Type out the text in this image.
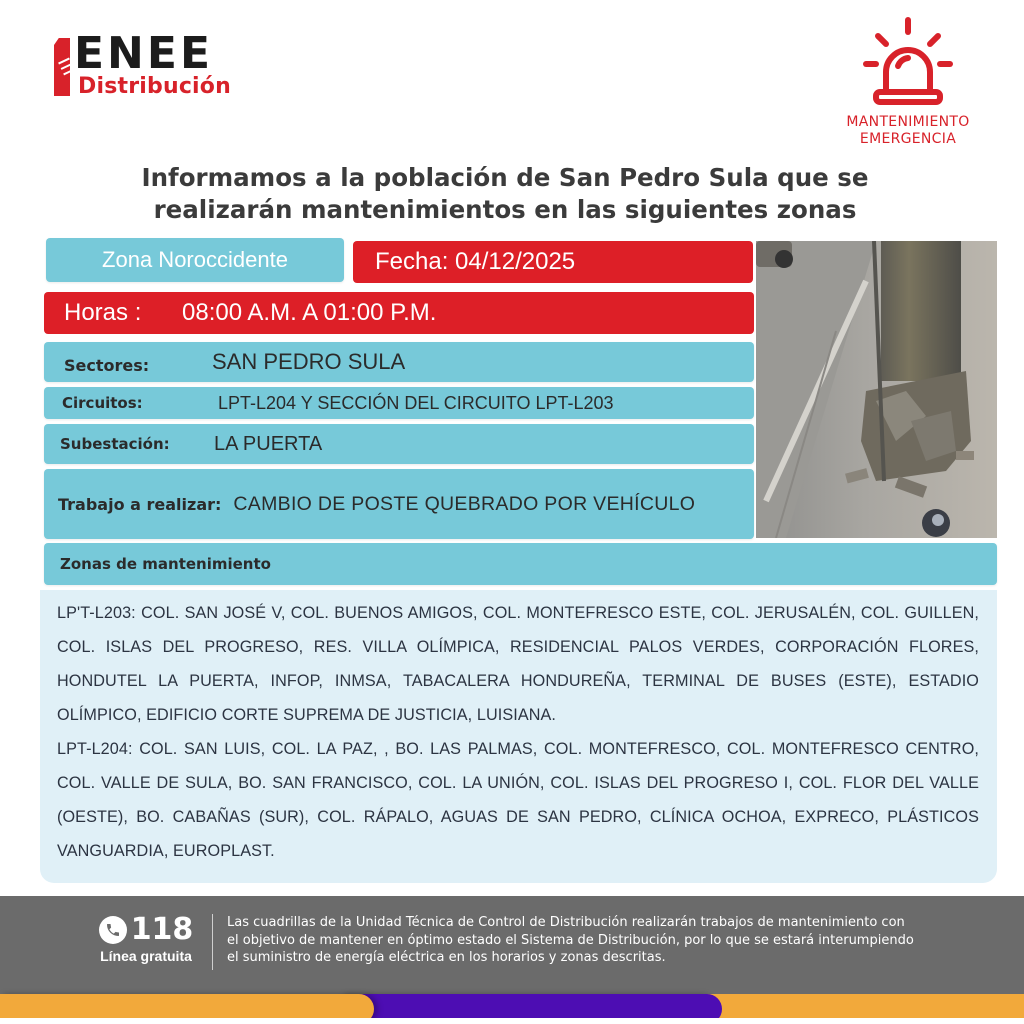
ENEE
Distribución
MANTENIMIENTO
EMERGENCIA
Informamos a la población de San Pedro Sula que se
realizarán mantenimientos en las siguientes zonas
Zona Noroccidente	Fecha: 04/12/2025
Horas :	08:00 A.M. A 01:00 P.M.
Sectores:	SAN PEDRO SULA
Circuitos:	LPT-L204 Y SECCIÓN DEL CIRCUITO LPT-L203
Subestación:	LA PUERTA
Trabajo a realizar: CAMBIO DE POSTE QUEBRADO POR VEHÍCULO
Zonas de mantenimiento

LP'T-L203: COL. SAN JOSÉ V, COL. BUENOS AMIGOS, COL. MONTEFRESCO ESTE, COL. JERUSALÉN, COL. GUILLEN, COL. ISLAS DEL PROGRESO, RES. VILLA OLÍMPICA, RESIDENCIAL PALOS VERDES, CORPORACIÓN FLORES, HONDUTEL LA PUERTA, INFOP, INMSA, TABACALERA HONDUREÑA, TERMINAL DE BUSES (ESTE), ESTADIO OLÍMPICO, EDIFICIO CORTE SUPREMA DE JUSTICIA, LUISIANA.

LPT-L204: COL. SAN LUIS, COL. LA PAZ, , BO. LAS PALMAS, COL. MONTEFRESCO, COL. MONTEFRESCO CENTRO, COL. VALLE DE SULA, BO. SAN FRANCISCO, COL. LA UNIÓN, COL. ISLAS DEL PROGRESO I, COL. FLOR DEL VALLE (OESTE), BO. CABAÑAS (SUR), COL. RÁPALO, AGUAS DE SAN PEDRO, CLÍNICA OCHOA, EXPRECO, PLÁSTICOS VANGUARDIA, EUROPLAST.

118
Línea gratuita
Las cuadrillas de la Unidad Técnica de Control de Distribución realizarán trabajos de mantenimiento con
el objetivo de mantener en óptimo estado el Sistema de Distribución, por lo que se estará interumpiendo
el suministro de energía eléctrica en los horarios y zonas descritas.
